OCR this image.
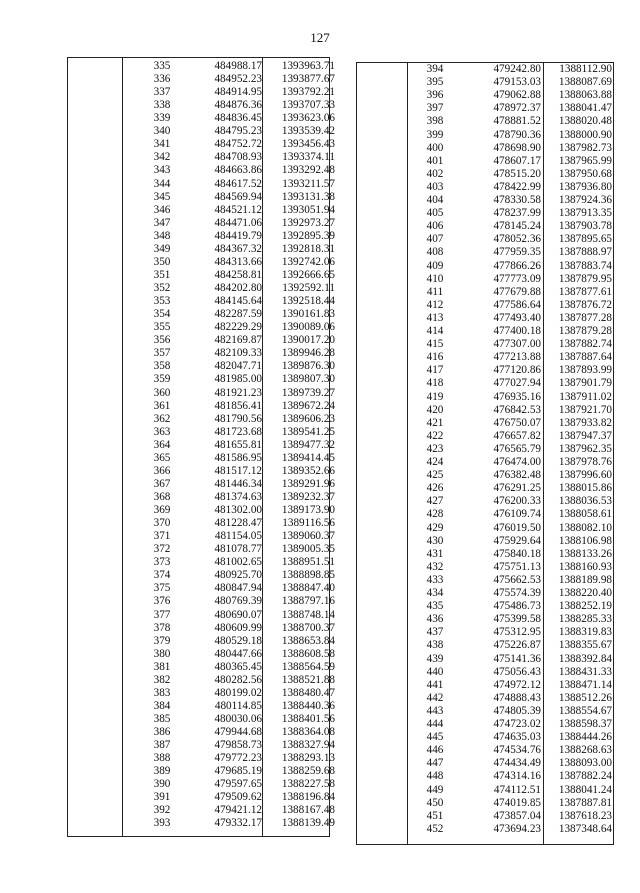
127
335	484988.17	1393963.71
336	484952.23	1393877.67
337	484914.95	1393792.21
338	484876.36	1393707.33
339	484836.45	1393623.06
340	484795.23	1393539.42
341	484752.72	1393456.43
342	484708.93	1393374.11
343	484663.86	1393292.48
344	484617.52	1393211.57
345	484569.94	1393131.38
346	484521.12	1393051.94
347	484471.06	1392973.27
348	484419.79	1392895.39
349	484367.32	1392818.31
350	484313.66	1392742.06
351	484258.81	1392666.65
352	484202.80	1392592.11
353	484145.64	1392518.44
354	482287.59	1390161.83
355	482229.29	1390089.06
356	482169.87	1390017.20
357	482109.33	1389946.28
358	482047.71	1389876.30
359	481985.00	1389807.30
360	481921.23	1389739.27
361	481856.41	1389672.24
362	481790.56	1389606.23
363	481723.68	1389541.25
364	481655.81	1389477.32
365	481586.95	1389414.45
366	481517.12	1389352.66
367	481446.34	1389291.96
368	481374.63	1389232.37
369	481302.00	1389173.90
370	481228.47	1389116.56
371	481154.05	1389060.37
372	481078.77	1389005.35
373	481002.65	1388951.51
374	480925.70	1388898.85
375	480847.94	1388847.40
376	480769.39	1388797.16
377	480690.07	1388748.14
378	480609.99	1388700.37
379	480529.18	1388653.84
380	480447.66	1388608.58
381	480365.45	1388564.59
382	480282.56	1388521.88
383	480199.02	1388480.47
384	480114.85	1388440.36
385	480030.06	1388401.56
386	479944.68	1388364.08
387	479858.73	1388327.94
388	479772.23	1388293.13
389	479685.19	1388259.68
390	479597.65	1388227.58
391	479509.62	1388196.84
392	479421.12	1388167.48
393	479332.17	1388139.49
394	479242.80	1388112.90
395	479153.03	1388087.69
396	479062.88	1388063.88
397	478972.37	1388041.47
398	478881.52	1388020.48
399	478790.36	1388000.90
400	478698.90	1387982.73
401	478607.17	1387965.99
402	478515.20	1387950.68
403	478422.99	1387936.80
404	478330.58	1387924.36
405	478237.99	1387913.35
406	478145.24	1387903.78
407	478052.36	1387895.65
408	477959.35	1387888.97
409	477866.26	1387883.74
410	477773.09	1387879.95
411	477679.88	1387877.61
412	477586.64	1387876.72
413	477493.40	1387877.28
414	477400.18	1387879.28
415	477307.00	1387882.74
416	477213.88	1387887.64
417	477120.86	1387893.99
418	477027.94	1387901.79
419	476935.16	1387911.02
420	476842.53	1387921.70
421	476750.07	1387933.82
422	476657.82	1387947.37
423	476565.79	1387962.35
424	476474.00	1387978.76
425	476382.48	1387996.60
426	476291.25	1388015.86
427	476200.33	1388036.53
428	476109.74	1388058.61
429	476019.50	1388082.10
430	475929.64	1388106.98
431	475840.18	1388133.26
432	475751.13	1388160.93
433	475662.53	1388189.98
434	475574.39	1388220.40
435	475486.73	1388252.19
436	475399.58	1388285.33
437	475312.95	1388319.83
438	475226.87	1388355.67
439	475141.36	1388392.84
440	475056.43	1388431.33
441	474972.12	1388471.14
442	474888.43	1388512.26
443	474805.39	1388554.67
444	474723.02	1388598.37
445	474635.03	1388444.26
446	474534.76	1388268.63
447	474434.49	1388093.00
448	474314.16	1387882.24
449	474112.51	1388041.24
450	474019.85	1387887.81
451	473857.04	1387618.23
452	473694.23	1387348.64
